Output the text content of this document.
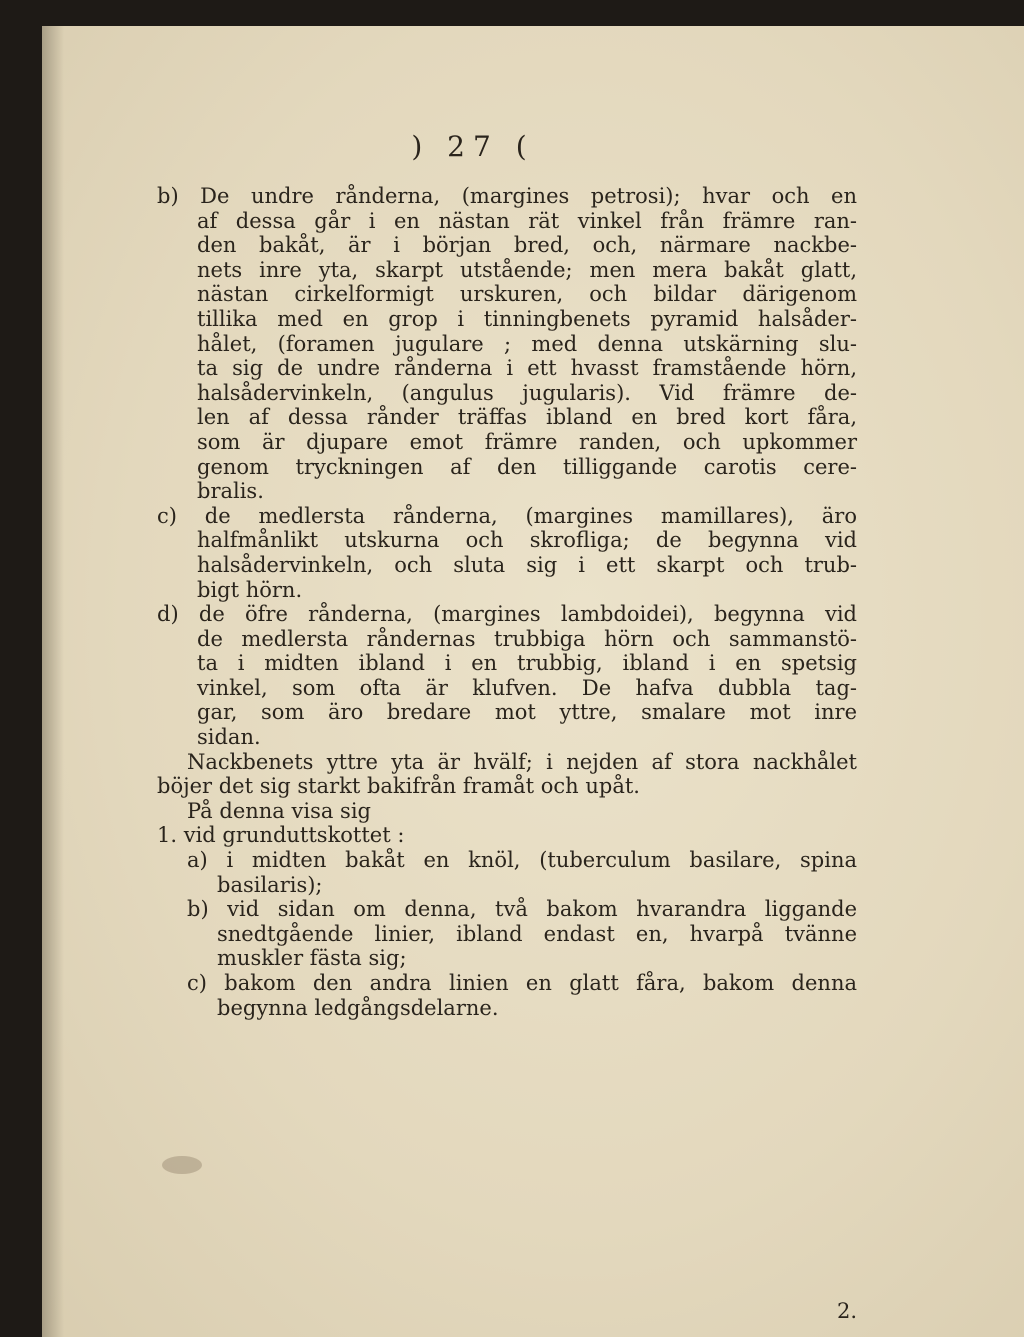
) 27 (
b) De undre rånderna, (margines petrosi); hvar och en
af dessa går i en nästan rät vinkel från främre ran-
den bakåt, är i början bred, och, närmare nackbe-
nets inre yta, skarpt utstående; men mera bakåt glatt,
nästan cirkelformigt urskuren, och bildar därigenom
tillika med en grop i tinningbenets pyramid halsåder-
hålet, (foramen jugulare ; med denna utskärning slu-
ta sig de undre rånderna i ett hvasst framstående hörn,
halsådervinkeln, (angulus jugularis). Vid främre de-
len af dessa rånder träffas ibland en bred kort fåra,
som är djupare emot främre randen, och upkommer
genom tryckningen af den tilliggande carotis cere-
bralis.
c) de medlersta rånderna, (margines mamillares), äro
halfmånlikt utskurna och skrofliga; de begynna vid
halsådervinkeln, och sluta sig i ett skarpt och trub-
bigt hörn.
d) de öfre rånderna, (margines lambdoidei), begynna vid
de medlersta råndernas trubbiga hörn och sammanstö-
ta i midten ibland i en trubbig, ibland i en spetsig
vinkel, som ofta är klufven. De hafva dubbla tag-
gar, som äro bredare mot yttre, smalare mot inre
sidan.
Nackbenets yttre yta är hvälf; i nejden af stora nackhålet
böjer det sig starkt bakifrån framåt och upåt.
På denna visa sig
1. vid grunduttskottet :
a) i midten bakåt en knöl, (tuberculum basilare, spina
basilaris);
b) vid sidan om denna, två bakom hvarandra liggande
snedtgående linier, ibland endast en, hvarpå tvänne
muskler fästa sig;
c) bakom den andra linien en glatt fåra, bakom denna
begynna ledgångsdelarne.
2.
